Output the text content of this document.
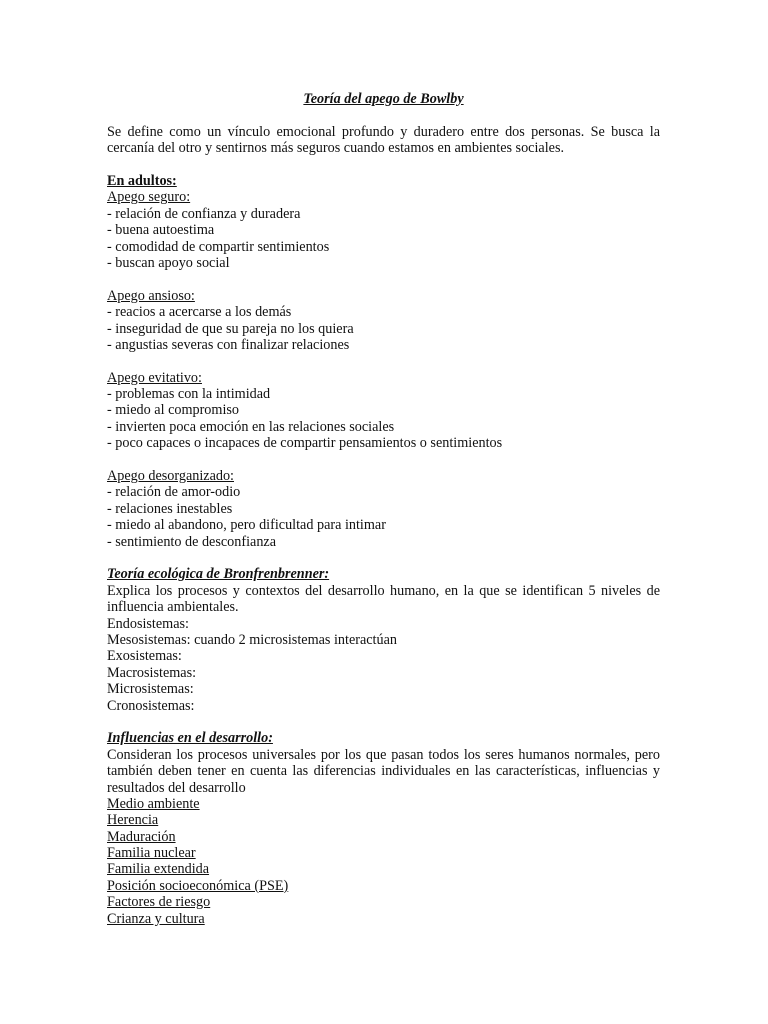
Teoría del apego de Bowlby

Se define como un vínculo emocional profundo y duradero entre dos personas. Se busca la cercanía del otro y sentirnos más seguros cuando estamos en ambientes sociales.

En adultos:
Apego seguro:
- relación de confianza y duradera
- buena autoestima
- comodidad de compartir sentimientos
- buscan apoyo social
Apego ansioso:
- reacios a acercarse a los demás
- inseguridad de que su pareja no los quiera
- angustias severas con finalizar relaciones
Apego evitativo:
- problemas con la intimidad
- miedo al compromiso
- invierten poca emoción en las relaciones sociales
- poco capaces o incapaces de compartir pensamientos o sentimientos
Apego desorganizado:
- relación de amor-odio
- relaciones inestables
- miedo al abandono, pero dificultad para intimar
- sentimiento de desconfianza
Teoría ecológica de Bronfrenbrenner:

Explica los procesos y contextos del desarrollo humano, en la que se identifican 5 niveles de influencia ambientales.

Endosistemas:
Mesosistemas: cuando 2 microsistemas interactúan
Exosistemas:
Macrosistemas:
Microsistemas:
Cronosistemas:
Influencias en el desarrollo:

Consideran los procesos universales por los que pasan todos los seres humanos normales, pero también deben tener en cuenta las diferencias individuales en las características, influencias y resultados del desarrollo

Medio ambiente
Herencia
Maduración
Familia nuclear
Familia extendida
Posición socioeconómica (PSE)
Factores de riesgo
Crianza y cultura
